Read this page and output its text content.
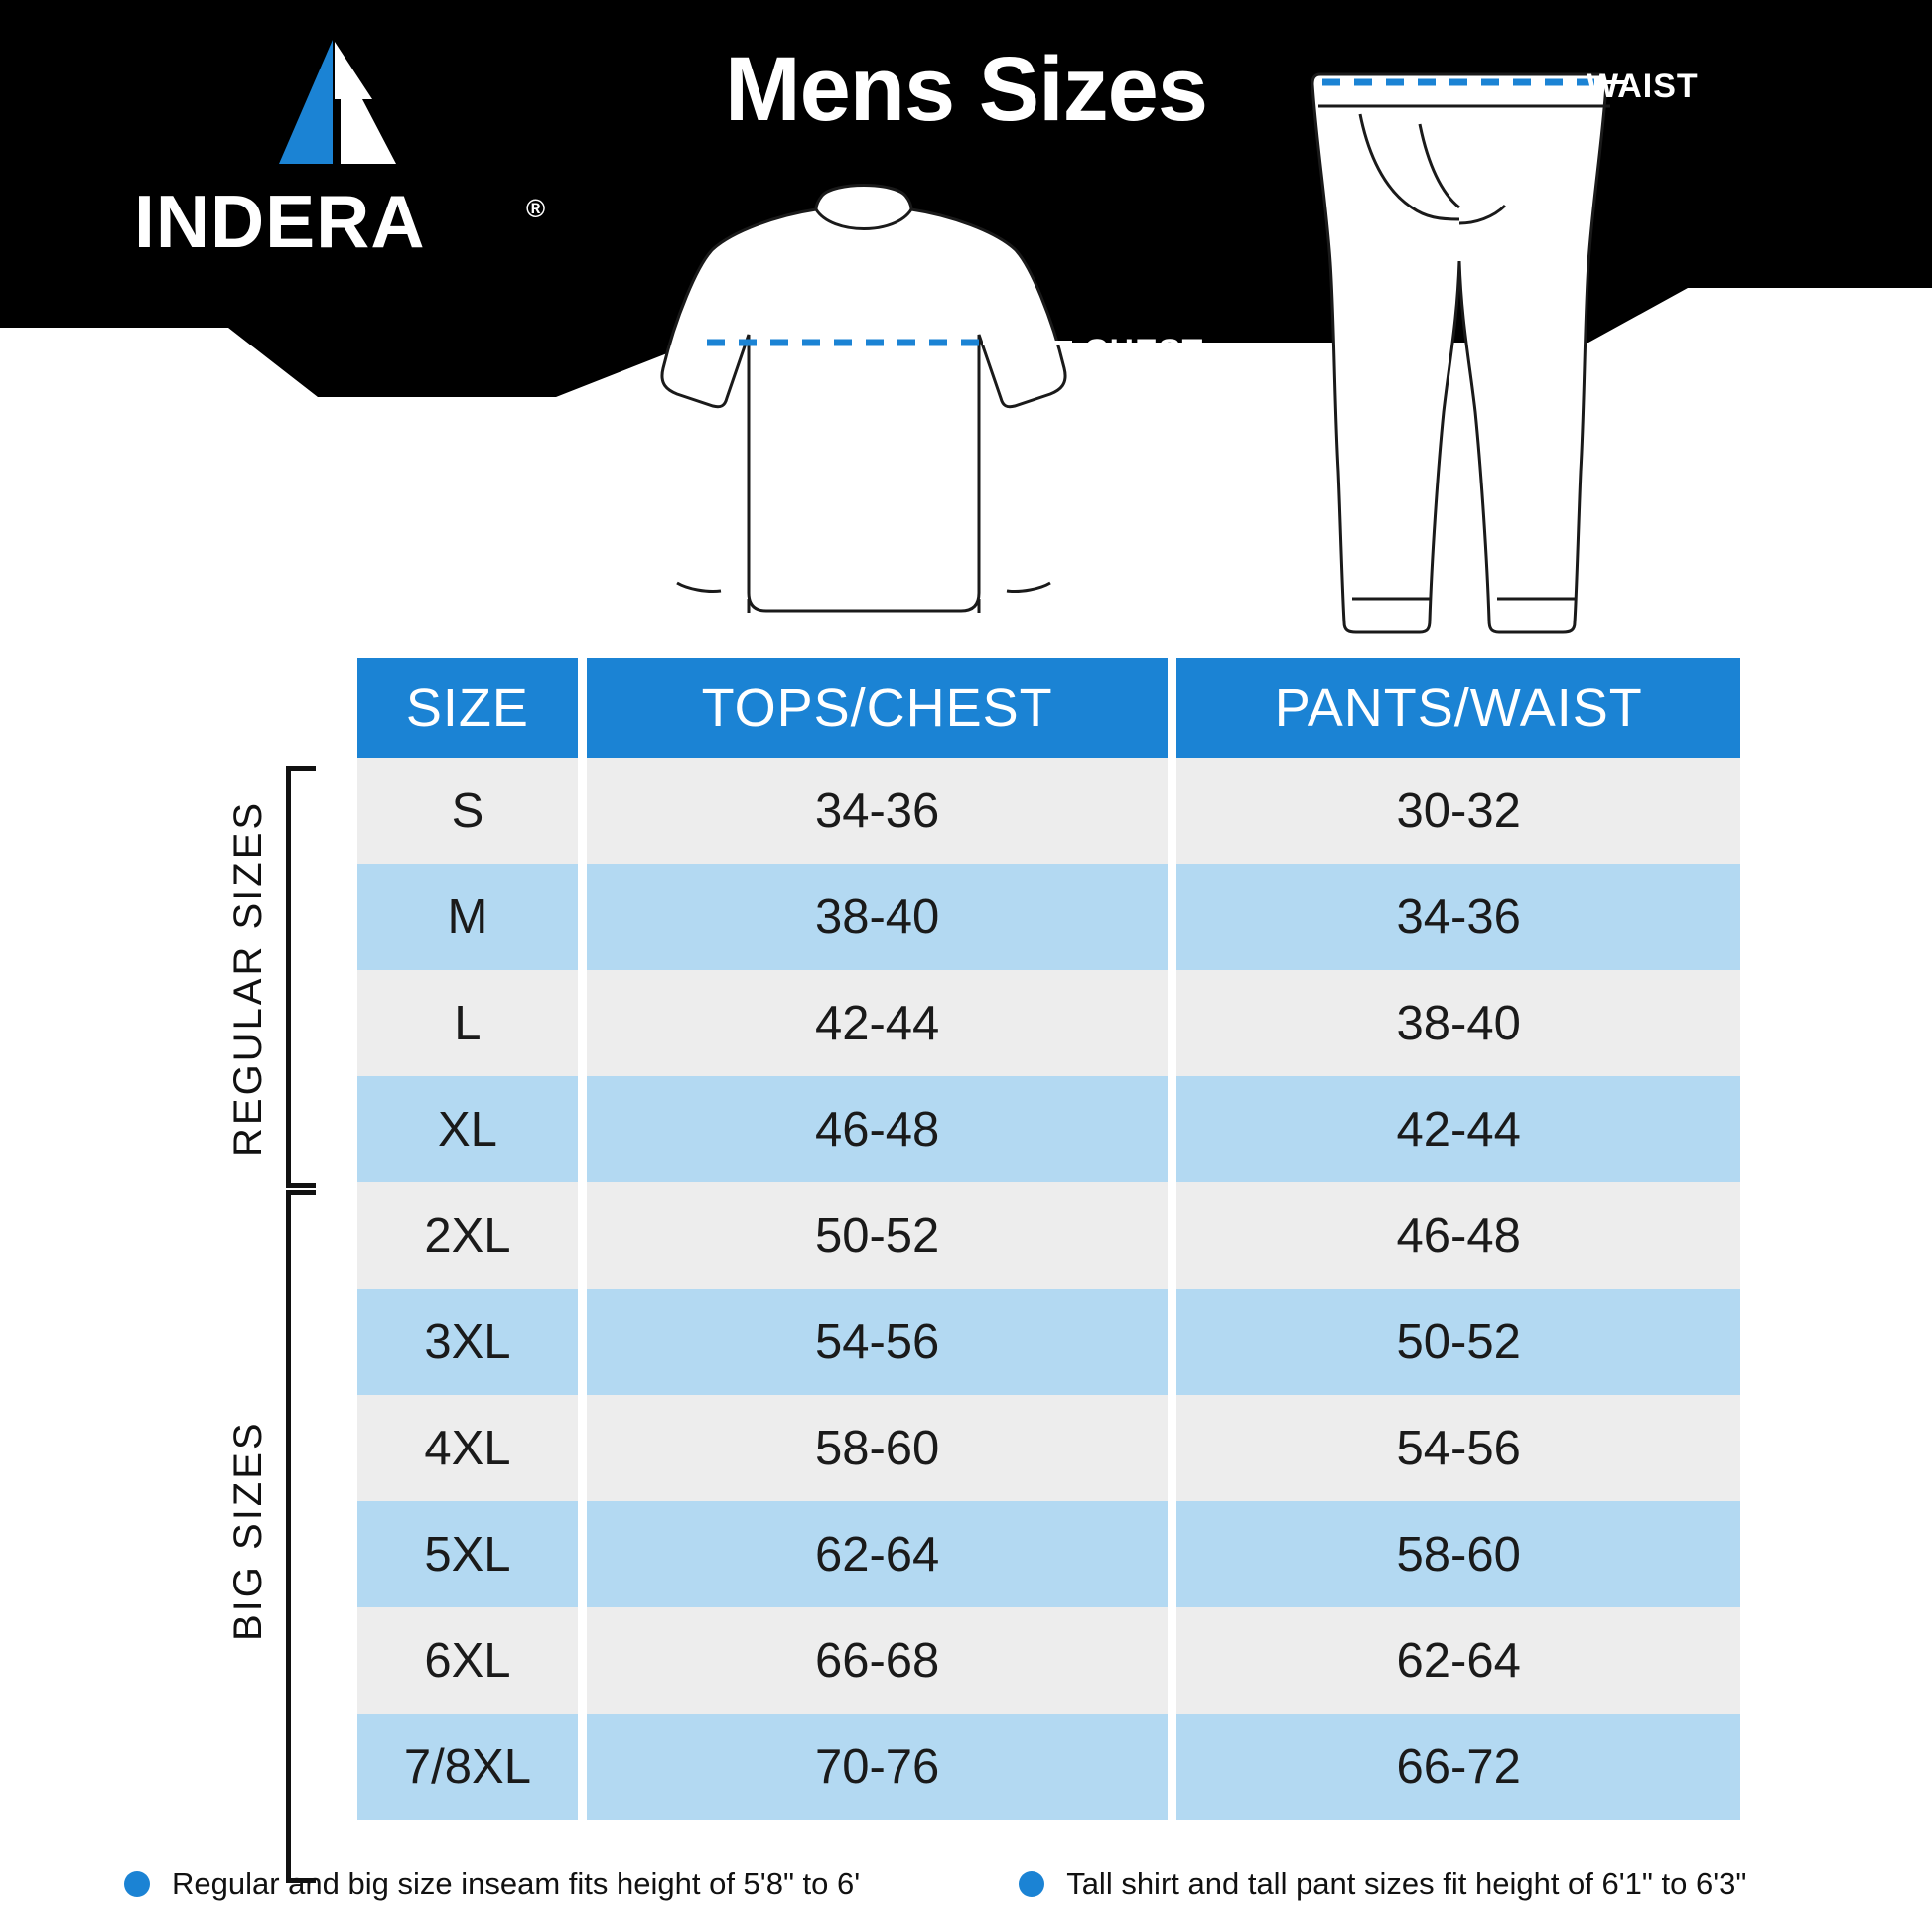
INDERA	®
Mens Sizes
CHEST
WAIST
REGULAR SIZES
BIG SIZES
SIZE	TOPS/CHEST	PANTS/WAIST
S	34-36	30-32
M	38-40	34-36
L	42-44	38-40
XL	46-48	42-44
2XL	50-52	46-48
3XL	54-56	50-52
4XL	58-60	54-56
5XL	62-64	58-60
6XL	66-68	62-64
7/8XL	70-76	66-72
Regular and big size inseam fits height of 5'8" to 6'	Tall shirt and tall pant sizes fit height of 6'1" to 6'3"
